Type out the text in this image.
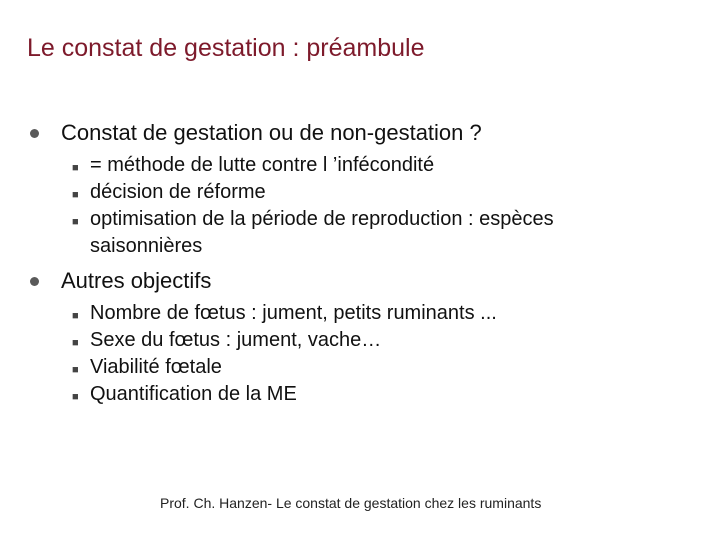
Le constat de gestation : préambule
Constat de gestation ou de non-gestation ?
■ = méthode de lutte contre l ’infécondité
■ décision de réforme
■ optimisation de la période de reproduction : espèces saisonnières
Autres objectifs
■ Nombre de fœtus : jument, petits ruminants ...
■ Sexe du fœtus : jument, vache…
■ Viabilité fœtale
■ Quantification de la ME
Prof. Ch. Hanzen- Le constat de gestation chez les ruminants
